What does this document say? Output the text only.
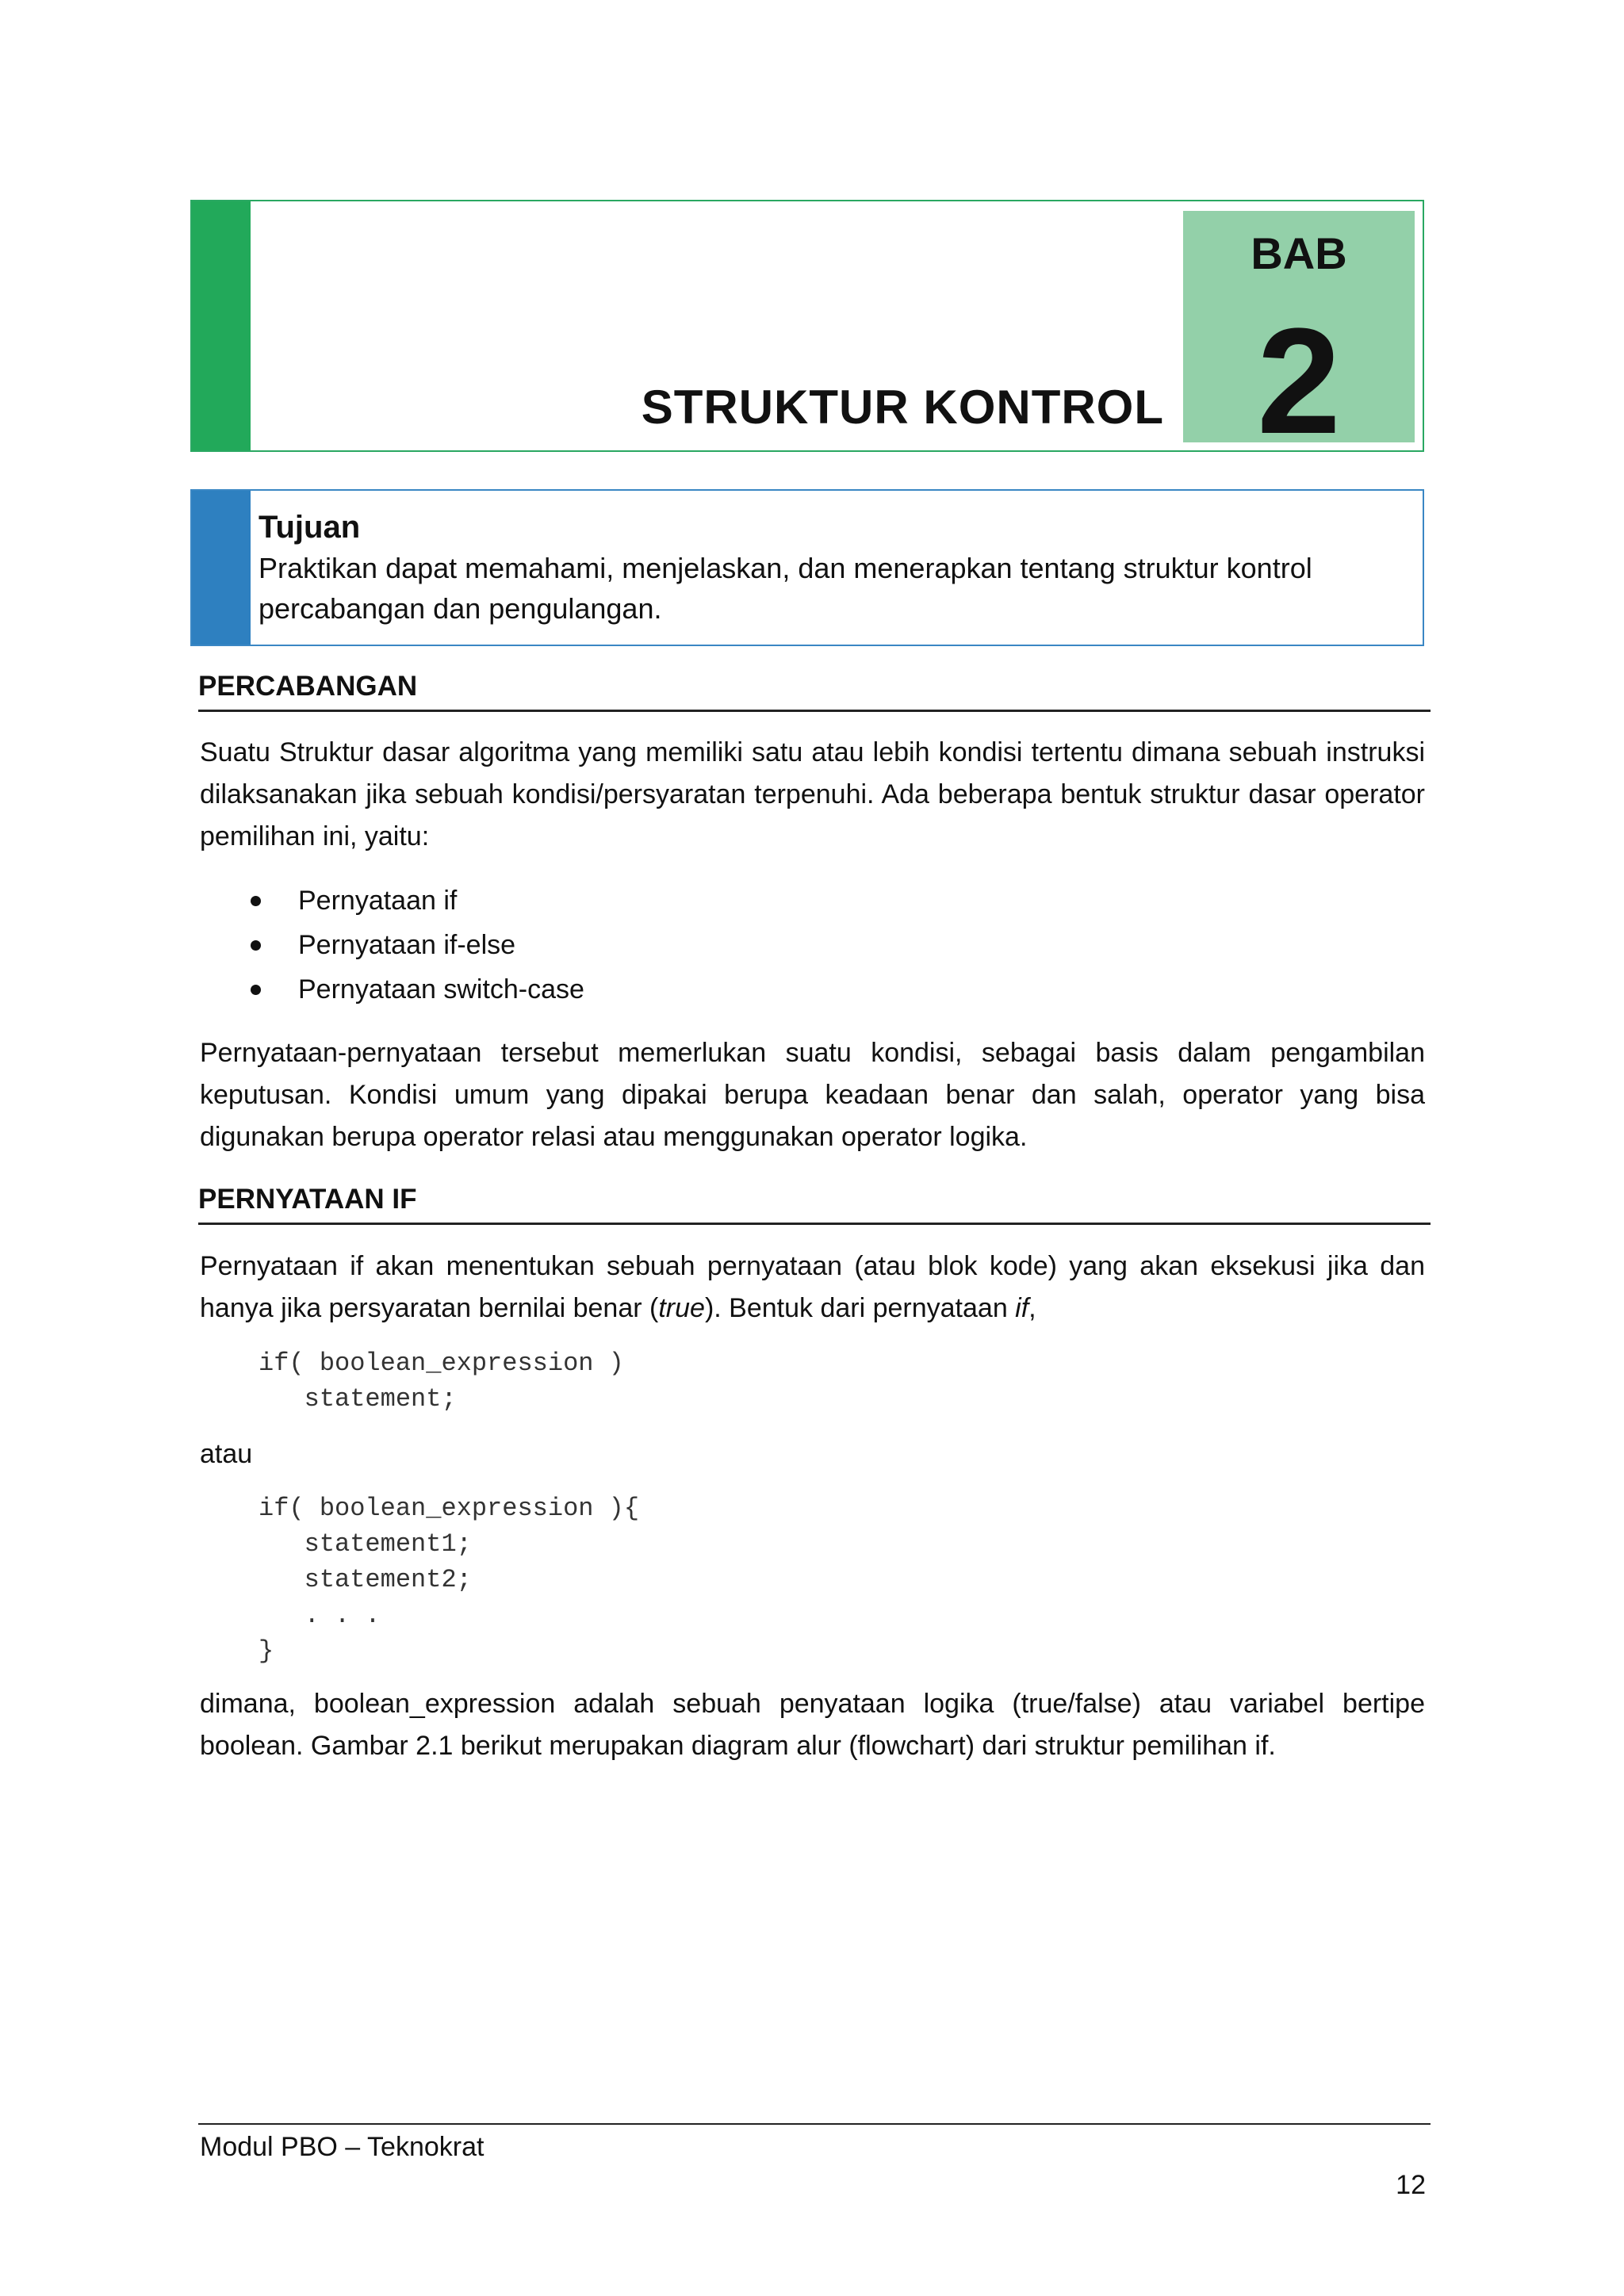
STRUKTUR KONTROL
BAB
2
Tujuan
Praktikan dapat memahami, menjelaskan, dan menerapkan tentang struktur kontrol percabangan dan pengulangan.
PERCABANGAN
Suatu Struktur dasar algoritma yang memiliki satu atau lebih kondisi tertentu dimana sebuah instruksi dilaksanakan jika sebuah kondisi/persyaratan terpenuhi. Ada beberapa bentuk struktur dasar operator pemilihan ini, yaitu:
Pernyataan if
Pernyataan if-else
Pernyataan switch-case
Pernyataan-pernyataan tersebut memerlukan suatu kondisi, sebagai basis dalam pengambilan keputusan. Kondisi umum yang dipakai berupa keadaan benar dan salah, operator yang bisa digunakan berupa operator relasi atau menggunakan operator logika.
PERNYATAAN IF
Pernyataan if akan menentukan sebuah pernyataan (atau blok kode) yang akan eksekusi jika dan hanya jika persyaratan bernilai benar (true). Bentuk dari pernyataan if,
if( boolean_expression )
statement;
atau
if( boolean_expression ){
statement1;
statement2;
. . .
}
dimana, boolean_expression adalah sebuah penyataan logika (true/false) atau variabel bertipe boolean. Gambar 2.1 berikut merupakan diagram alur (flowchart) dari struktur pemilihan if.
Modul PBO – Teknokrat
12
